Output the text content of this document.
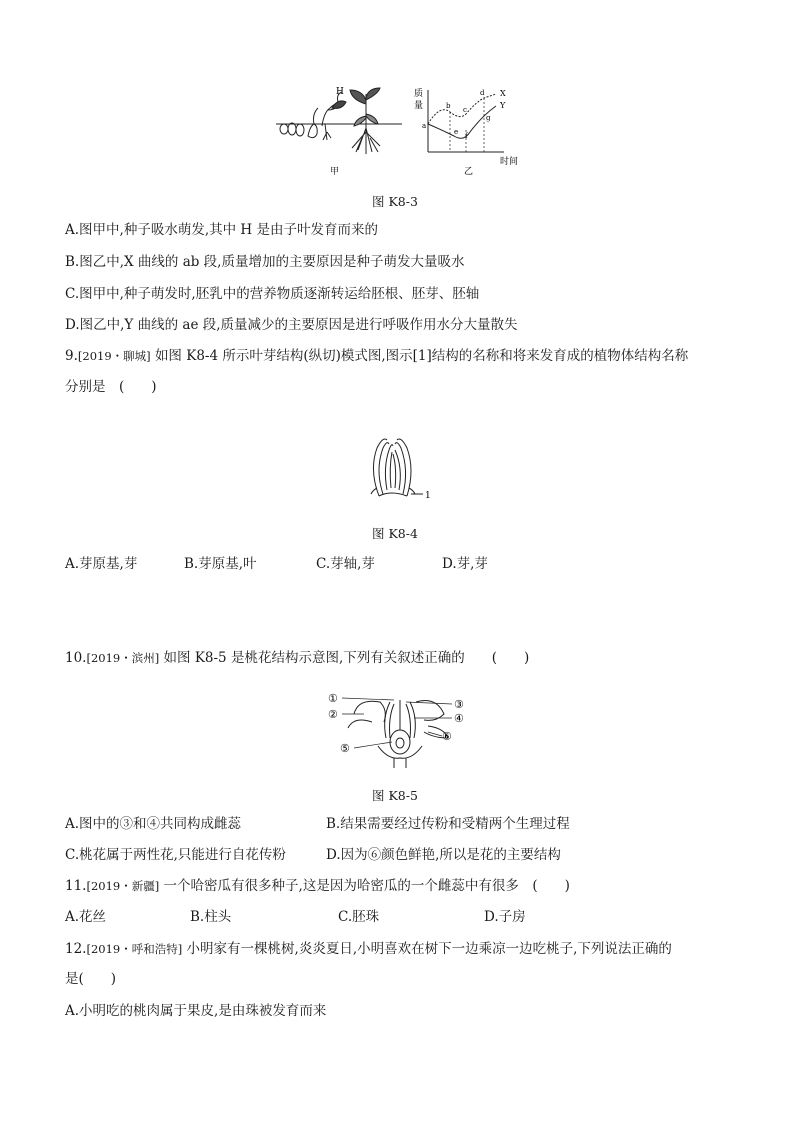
H
甲
质
量
时间
a
b c
d
e f
g
X
Y
乙
图 K8-3
A.图甲中,种子吸水萌发,其中 H 是由子叶发育而来的
B.图乙中,X 曲线的 ab 段,质量增加的主要原因是种子萌发大量吸水
C.图甲中,种子萌发时,胚乳中的营养物质逐渐转运给胚根、胚芽、胚轴
D.图乙中,Y 曲线的 ae 段,质量减少的主要原因是进行呼吸作用水分大量散失
9.[2019・聊城] 如图 K8-4 所示叶芽结构(纵切)模式图,图示[1]结构的名称和将来发育成的植物体结构名称
分别是　(　　)
1
图 K8-4
A.芽原基,芽	B.芽原基,叶	C.芽轴,芽	D.芽,芽
10.[2019・滨州] 如图 K8-5 是桃花结构示意图,下列有关叙述正确的　　(　　)
①
②
③
④
⑥
⑤
图 K8-5
A.图中的③和④共同构成雌蕊	B.结果需要经过传粉和受精两个生理过程
C.桃花属于两性花,只能进行自花传粉	D.因为⑥颜色鲜艳,所以是花的主要结构
11.[2019・新疆] 一个哈密瓜有很多种子,这是因为哈密瓜的一个雌蕊中有很多　(　　)
A.花丝	B.柱头	C.胚珠	D.子房
12.[2019・呼和浩特] 小明家有一棵桃树,炎炎夏日,小明喜欢在树下一边乘凉一边吃桃子,下列说法正确的
是(　　)
A.小明吃的桃肉属于果皮,是由珠被发育而来
